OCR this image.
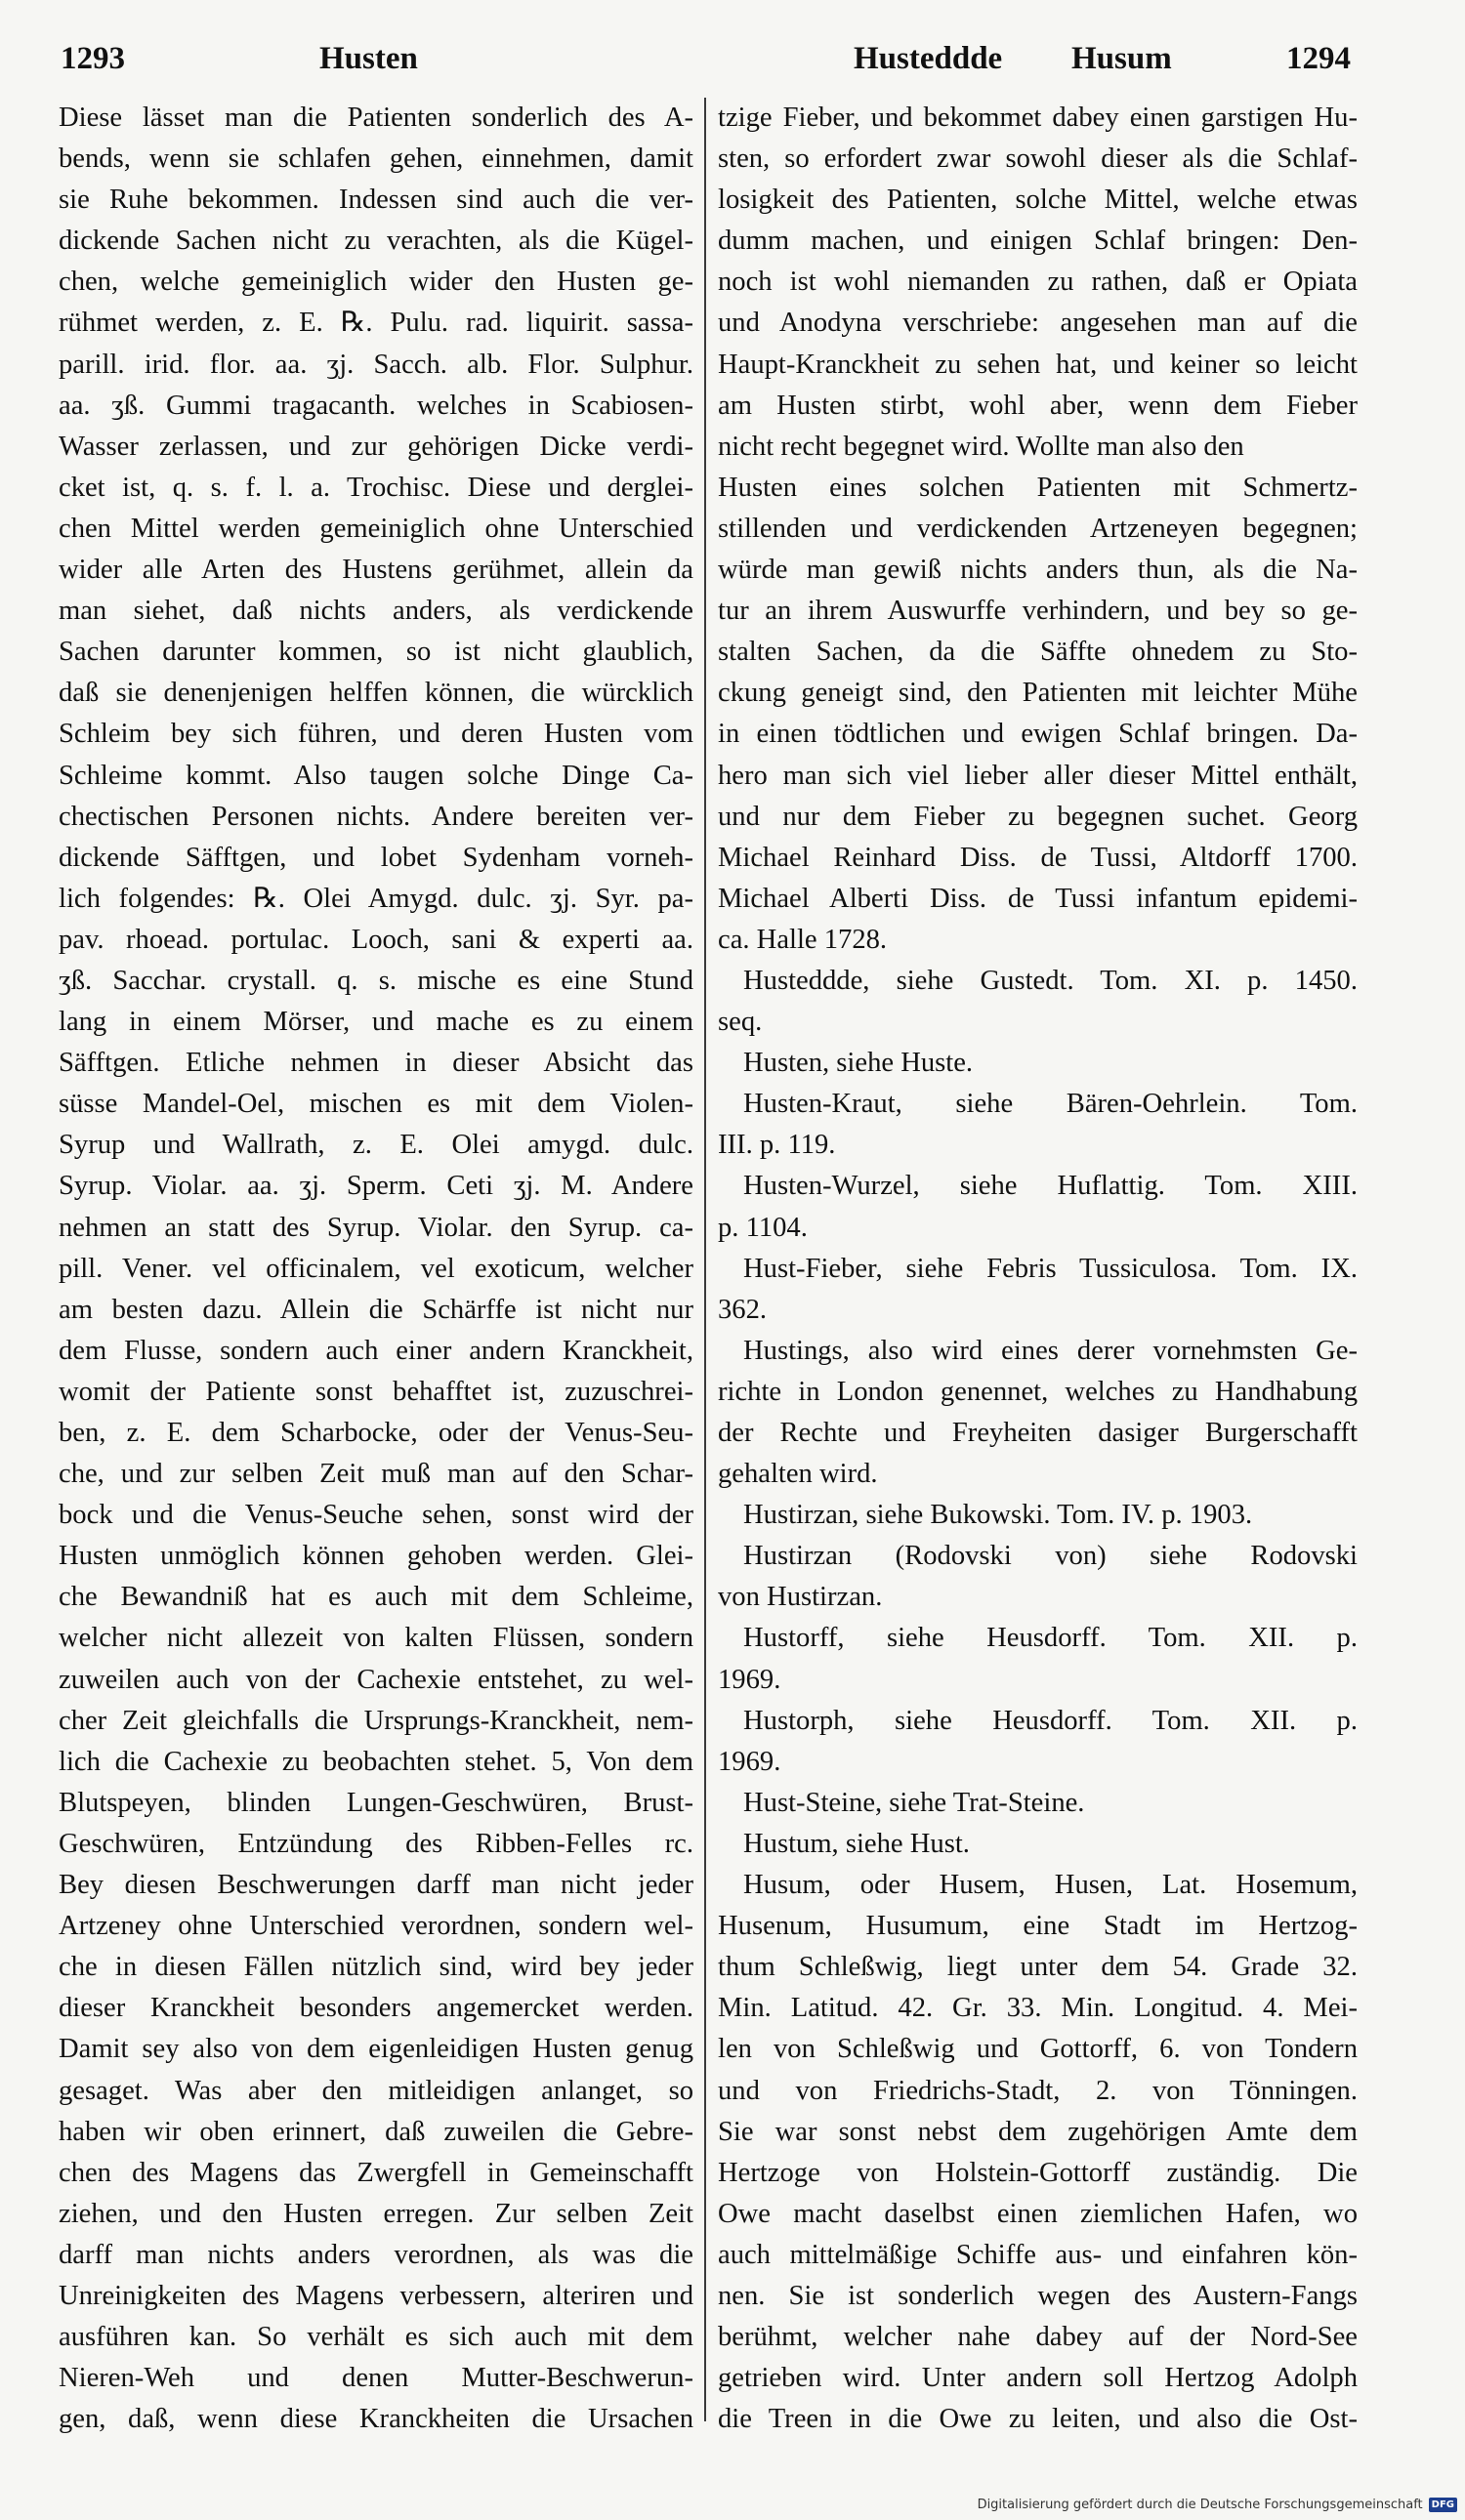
1293	Husten	Husteddde Husum	1294
Diese lässet man die Patienten sonderlich des A-
bends, wenn sie schlafen gehen, einnehmen, damit
sie Ruhe bekommen. Indessen sind auch die ver-
dickende Sachen nicht zu verachten, als die Kügel-
chen, welche gemeiniglich wider den Husten ge-
rühmet werden, z. E. ℞. Pulu. rad. liquirit. sassa-
parill. irid. flor. aa. ʒj. Sacch. alb. Flor. Sulphur.
aa. ʒß. Gummi tragacanth. welches in Scabiosen-
Wasser zerlassen, und zur gehörigen Dicke verdi-
cket ist, q. s. f. l. a. Trochisc. Diese und derglei-
chen Mittel werden gemeiniglich ohne Unterschied
wider alle Arten des Hustens gerühmet, allein da
man siehet, daß nichts anders, als verdickende
Sachen darunter kommen, so ist nicht glaublich,
daß sie denenjenigen helffen können, die würcklich
Schleim bey sich führen, und deren Husten vom
Schleime kommt. Also taugen solche Dinge Ca-
chectischen Personen nichts. Andere bereiten ver-
dickende Säfftgen, und lobet Sydenham vorneh-
lich folgendes: ℞. Olei Amygd. dulc. ʒj. Syr. pa-
pav. rhoead. portulac. Looch, sani & experti aa.
ʒß. Sacchar. crystall. q. s. mische es eine Stund
lang in einem Mörser, und mache es zu einem
Säfftgen. Etliche nehmen in dieser Absicht das
süsse Mandel-Oel, mischen es mit dem Violen-
Syrup und Wallrath, z. E. Olei amygd. dulc.
Syrup. Violar. aa. ʒj. Sperm. Ceti ʒj. M. Andere
nehmen an statt des Syrup. Violar. den Syrup. ca-
pill. Vener. vel officinalem, vel exoticum, welcher
am besten dazu. Allein die Schärffe ist nicht nur
dem Flusse, sondern auch einer andern Kranckheit,
womit der Patiente sonst behafftet ist, zuzuschrei-
ben, z. E. dem Scharbocke, oder der Venus-Seu-
che, und zur selben Zeit muß man auf den Schar-
bock und die Venus-Seuche sehen, sonst wird der
Husten unmöglich können gehoben werden. Glei-
che Bewandniß hat es auch mit dem Schleime,
welcher nicht allezeit von kalten Flüssen, sondern
zuweilen auch von der Cachexie entstehet, zu wel-
cher Zeit gleichfalls die Ursprungs-Kranckheit, nem-
lich die Cachexie zu beobachten stehet. 5, Von dem
Blutspeyen, blinden Lungen-Geschwüren, Brust-
Geschwüren, Entzündung des Ribben-Felles rc.
Bey diesen Beschwerungen darff man nicht jeder
Artzeney ohne Unterschied verordnen, sondern wel-
che in diesen Fällen nützlich sind, wird bey jeder
dieser Kranckheit besonders angemercket werden.
Damit sey also von dem eigenleidigen Husten genug
gesaget. Was aber den mitleidigen anlanget, so
haben wir oben erinnert, daß zuweilen die Gebre-
chen des Magens das Zwergfell in Gemeinschafft
ziehen, und den Husten erregen. Zur selben Zeit
darff man nichts anders verordnen, als was die
Unreinigkeiten des Magens verbessern, alteriren und
ausführen kan. So verhält es sich auch mit dem
Nieren-Weh und denen Mutter-Beschwerun-
gen, daß, wenn diese Kranckheiten die Ursachen
tzige Fieber, und bekommet dabey einen garstigen Hu-
sten, so erfordert zwar sowohl dieser als die Schlaf-
losigkeit des Patienten, solche Mittel, welche etwas
dumm machen, und einigen Schlaf bringen: Den-
noch ist wohl niemanden zu rathen, daß er Opiata
und Anodyna verschriebe: angesehen man auf die
Haupt-Kranckheit zu sehen hat, und keiner so leicht
am Husten stirbt, wohl aber, wenn dem Fieber
nicht recht begegnet wird. Wollte man also den
Husten eines solchen Patienten mit Schmertz-
stillenden und verdickenden Artzeneyen begegnen;
würde man gewiß nichts anders thun, als die Na-
tur an ihrem Auswurffe verhindern, und bey so ge-
stalten Sachen, da die Säffte ohnedem zu Sto-
ckung geneigt sind, den Patienten mit leichter Mühe
in einen tödtlichen und ewigen Schlaf bringen. Da-
hero man sich viel lieber aller dieser Mittel enthält,
und nur dem Fieber zu begegnen suchet. Georg
Michael Reinhard Diss. de Tussi, Altdorff 1700.
Michael Alberti Diss. de Tussi infantum epidemi-
ca. Halle 1728.
Husteddde, siehe Gustedt. Tom. XI. p. 1450.
seq.
Husten, siehe Huste.
Husten-Kraut, siehe Bären-Oehrlein. Tom.
III. p. 119.
Husten-Wurzel, siehe Huflattig. Tom. XIII.
p. 1104.
Hust-Fieber, siehe Febris Tussiculosa. Tom. IX.
362.
Hustings, also wird eines derer vornehmsten Ge-
richte in London genennet, welches zu Handhabung
der Rechte und Freyheiten dasiger Burgerschafft
gehalten wird.
Hustirzan, siehe Bukowski. Tom. IV. p. 1903.
Hustirzan (Rodovski von) siehe Rodovski
von Hustirzan.
Hustorff, siehe Heusdorff. Tom. XII. p.
1969.
Hustorph, siehe Heusdorff. Tom. XII. p.
1969.
Hust-Steine, siehe Trat-Steine.
Hustum, siehe Hust.
Husum, oder Husem, Husen, Lat. Hosemum,
Husenum, Husumum, eine Stadt im Hertzog-
thum Schleßwig, liegt unter dem 54. Grade 32.
Min. Latitud. 42. Gr. 33. Min. Longitud. 4. Mei-
len von Schleßwig und Gottorff, 6. von Tondern
und von Friedrichs-Stadt, 2. von Tönningen.
Sie war sonst nebst dem zugehörigen Amte dem
Hertzoge von Holstein-Gottorff zuständig. Die
Owe macht daselbst einen ziemlichen Hafen, wo
auch mittelmäßige Schiffe aus- und einfahren kön-
nen. Sie ist sonderlich wegen des Austern-Fangs
berühmt, welcher nahe dabey auf der Nord-See
getrieben wird. Unter andern soll Hertzog Adolph
die Treen in die Owe zu leiten, und also die Ost-
Digitalisierung gefördert durch die Deutsche Forschungsgemeinschaft DFG
